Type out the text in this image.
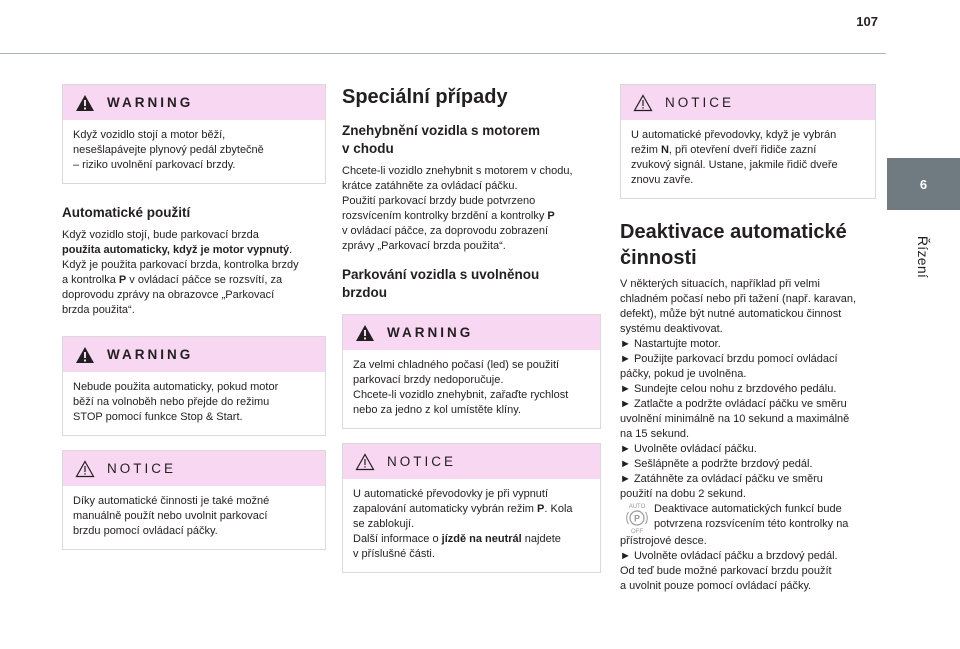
107
6
Řízení
WARNING

Když vozidlo stojí a motor běží,

nesešlapávejte plynový pedál zbytečně

– riziko uvolnění parkovací brzdy.

Automatické použití

Když vozidlo stojí, bude parkovací brzda

použita automaticky, když je motor vypnutý.

Když je použita parkovací brzda, kontrolka brzdy

a kontrolka P v ovládací páčce se rozsvítí, za

doprovodu zprávy na obrazovce „Parkovací

brzda použita“.

WARNING

Nebude použita automaticky, pokud motor

běží na volnoběh nebo přejde do režimu

STOP pomocí funkce Stop & Start.

NOTICE

Díky automatické činnosti je také možné

manuálně použít nebo uvolnit parkovací

brzdu pomocí ovládací páčky.

Speciální případy
Znehybnění vozidla s motorem
v chodu

Chcete-li vozidlo znehybnit s motorem v chodu,

krátce zatáhněte za ovládací páčku.

Použití parkovací brzdy bude potvrzeno

rozsvícením kontrolky brzdění a kontrolky P

v ovládací páčce, za doprovodu zobrazení

zprávy „Parkovací brzda použita“.

Parkování vozidla s uvolněnou
brzdou
WARNING

Za velmi chladného počasí (led) se použití

parkovací brzdy nedoporučuje.

Chcete-li vozidlo znehybnit, zařaďte rychlost

nebo za jedno z kol umístěte klíny.

NOTICE

U automatické převodovky je při vypnutí

zapalování automaticky vybrán režim P. Kola

se zablokují.

Další informace o jízdě na neutrál najdete

v příslušné části.

NOTICE

U automatické převodovky, když je vybrán

režim N, při otevření dveří řidiče zazní

zvukový signál. Ustane, jakmile řidič dveře

znovu zavře.

Deaktivace automatické
činnosti

V některých situacích, například při velmi

chladném počasí nebo při tažení (např. karavan,

defekt), může být nutné automatickou činnost

systému deaktivovat.

► Nastartujte motor.

► Použijte parkovací brzdu pomocí ovládací

páčky, pokud je uvolněna.

► Sundejte celou nohu z brzdového pedálu.

► Zatlačte a podržte ovládací páčku ve směru

uvolnění minimálně na 10 sekund a maximálně

na 15 sekund.

► Uvolněte ovládací páčku.

► Sešlápněte a podržte brzdový pedál.

► Zatáhněte za ovládací páčku ve směru

použití na dobu 2 sekund.

AUTO
P
OFF

Deaktivace automatických funkcí bude

potvrzena rozsvícením této kontrolky na

přístrojové desce.

► Uvolněte ovládací páčku a brzdový pedál.

Od teď bude možné parkovací brzdu použít

a uvolnit pouze pomocí ovládací páčky.
